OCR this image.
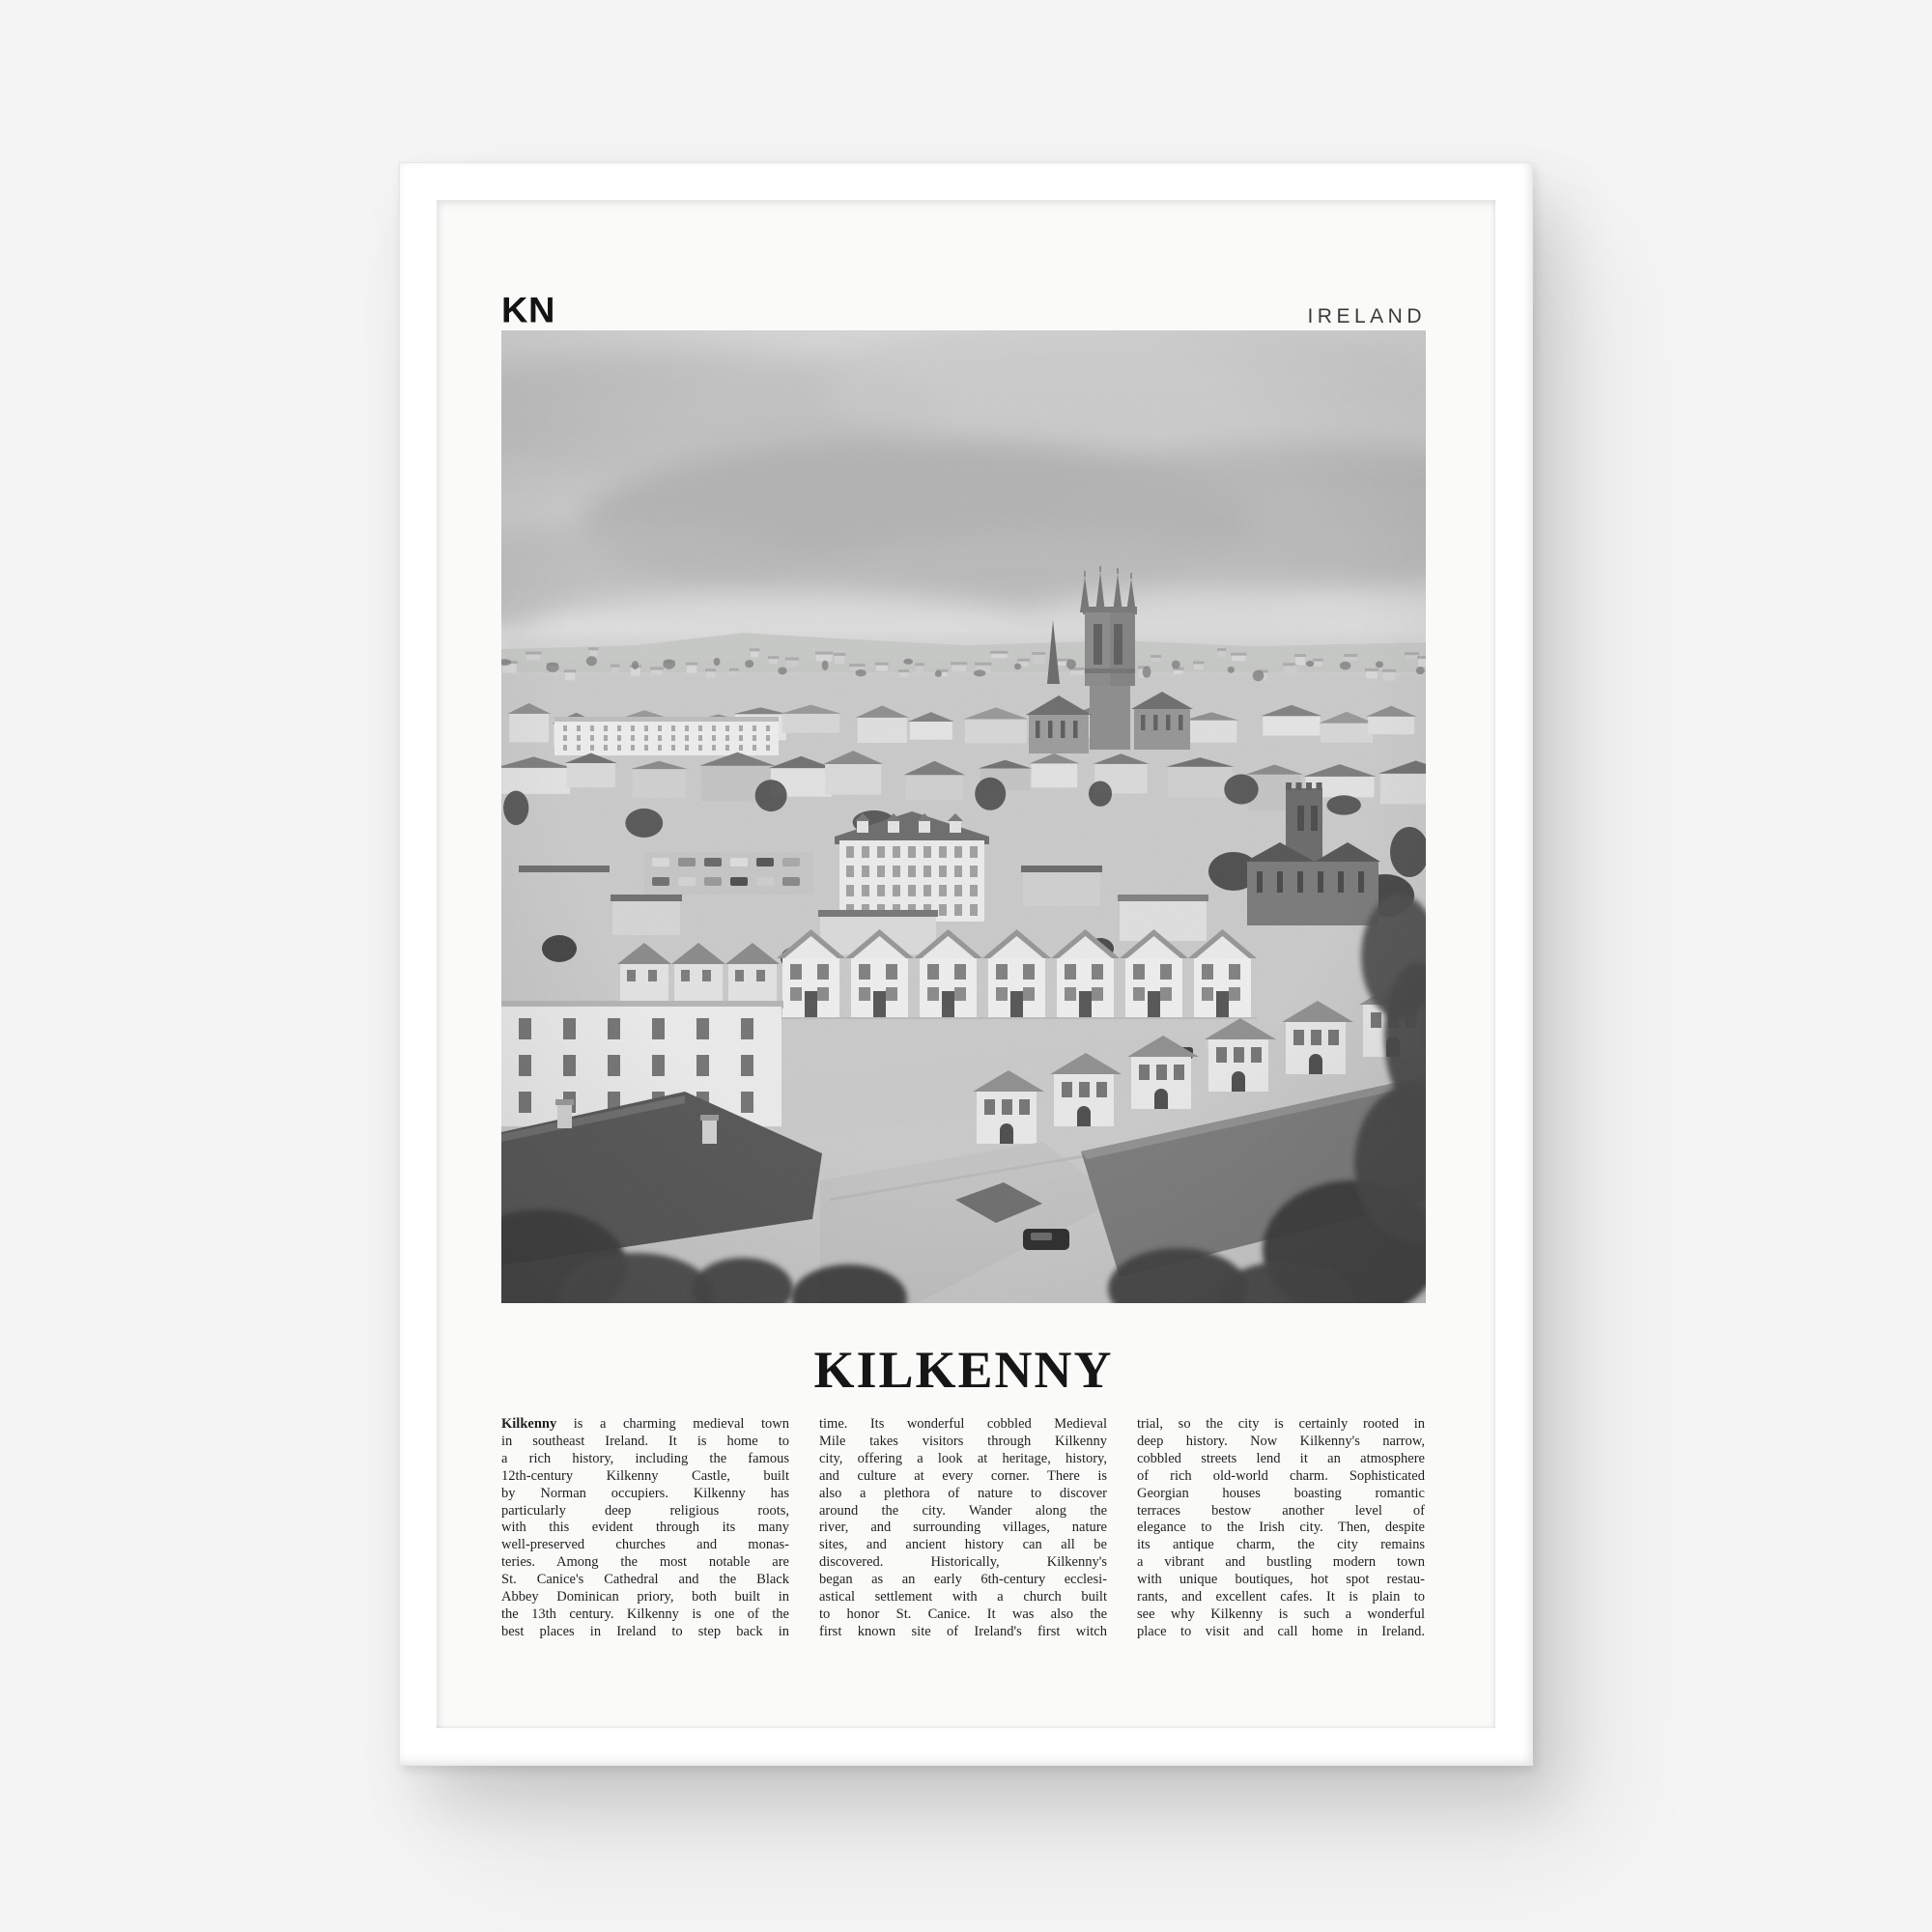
KN	IRELAND
KILKENNY
Kilkenny is a charming medieval town
in southeast Ireland. It is home to
a rich history, including the famous
12th-century Kilkenny Castle, built
by Norman occupiers. Kilkenny has
particularly deep religious roots,
with this evident through its many
well-preserved churches and monas-
teries. Among the most notable are
St. Canice's Cathedral and the Black
Abbey Dominican priory, both built in
the 13th century. Kilkenny is one of the
best places in Ireland to step back in
time. Its wonderful cobbled Medieval
Mile takes visitors through Kilkenny
city, offering a look at heritage, history,
and culture at every corner. There is
also a plethora of nature to discover
around the city. Wander along the
river, and surrounding villages, nature
sites, and ancient history can all be
discovered. Historically, Kilkenny's
began as an early 6th-century ecclesi-
astical settlement with a church built
to honor St. Canice. It was also the
first known site of Ireland's first witch
trial, so the city is certainly rooted in
deep history. Now Kilkenny's narrow,
cobbled streets lend it an atmosphere
of rich old-world charm. Sophisticated
Georgian houses boasting romantic
terraces bestow another level of
elegance to the Irish city. Then, despite
its antique charm, the city remains
a vibrant and bustling modern town
with unique boutiques, hot spot restau-
rants, and excellent cafes. It is plain to
see why Kilkenny is such a wonderful
place to visit and call home in Ireland.
